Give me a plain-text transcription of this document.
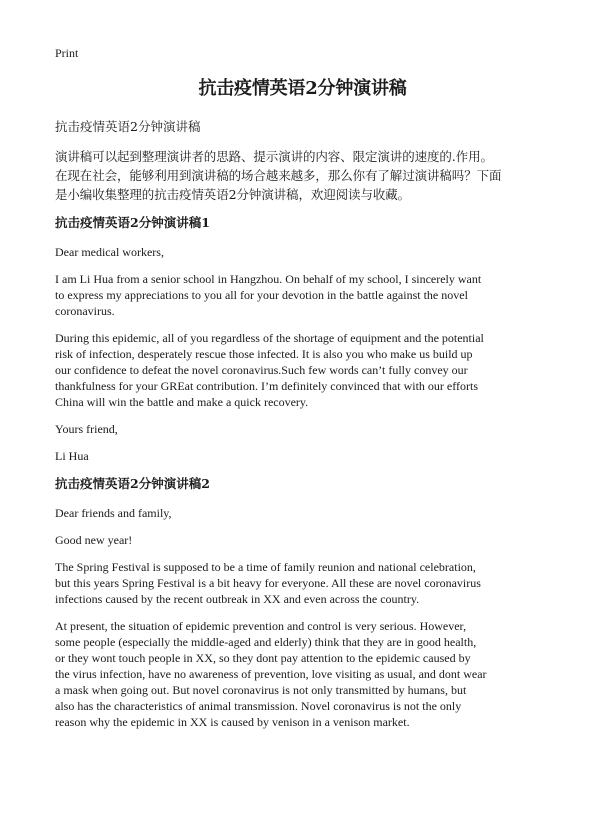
Print
抗击疫情英语2分钟演讲稿
抗击疫情英语2分钟演讲稿
演讲稿可以起到整理演讲者的思路、提示演讲的内容、限定演讲的速度的.作用。
在现在社会，能够利用到演讲稿的场合越来越多，那么你有了解过演讲稿吗？下面
是小编收集整理的抗击疫情英语2分钟演讲稿，欢迎阅读与收藏。
抗击疫情英语2分钟演讲稿1
Dear medical workers,
I am Li Hua from a senior school in Hangzhou. On behalf of my school, I sincerely want
to express my appreciations to you all for your devotion in the battle against the novel
coronavirus.
During this epidemic, all of you regardless of the shortage of equipment and the potential
risk of infection, desperately rescue those infected. It is also you who make us build up
our confidence to defeat the novel coronavirus.Such few words can’t fully convey our
thankfulness for your GREat contribution. I’m definitely convinced that with our efforts
China will win the battle and make a quick recovery.
Yours friend,
Li Hua
抗击疫情英语2分钟演讲稿2
Dear friends and family,
Good new year!
The Spring Festival is supposed to be a time of family reunion and national celebration,
but this years Spring Festival is a bit heavy for everyone. All these are novel coronavirus
infections caused by the recent outbreak in XX and even across the country.
At present, the situation of epidemic prevention and control is very serious. However,
some people (especially the middle-aged and elderly) think that they are in good health,
or they wont touch people in XX, so they dont pay attention to the epidemic caused by
the virus infection, have no awareness of prevention, love visiting as usual, and dont wear
a mask when going out. But novel coronavirus is not only transmitted by humans, but
also has the characteristics of animal transmission. Novel coronavirus is not the only
reason why the epidemic in XX is caused by venison in a venison market.
